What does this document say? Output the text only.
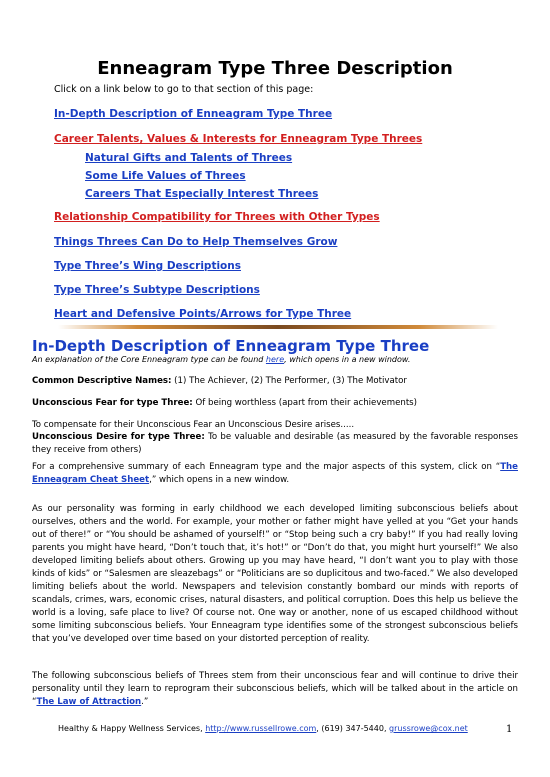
Enneagram Type Three Description
Click on a link below to go to that section of this page:
In-Depth Description of Enneagram Type Three
Career Talents, Values & Interests for Enneagram Type Threes
Natural Gifts and Talents of Threes
Some Life Values of Threes
Careers That Especially Interest Threes
Relationship Compatibility for Threes with Other Types
Things Threes Can Do to Help Themselves Grow
Type Three’s Wing Descriptions
Type Three’s Subtype Descriptions
Heart and Defensive Points/Arrows for Type Three
In-Depth Description of Enneagram Type Three
An explanation of the Core Enneagram type can be found here, which opens in a new window.
Common Descriptive Names: (1) The Achiever, (2) The Performer, (3) The Motivator
Unconscious Fear for type Three: Of being worthless (apart from their achievements)
To compensate for their Unconscious Fear an Unconscious Desire arises.....
Unconscious Desire for type Three: To be valuable and desirable (as measured by the favorable responses they receive from others)
For a comprehensive summary of each Enneagram type and the major aspects of this system, click on “The Enneagram Cheat Sheet,” which opens in a new window.
As our personality was forming in early childhood we each developed limiting subconscious beliefs about ourselves, others and the world. For example, your mother or father might have yelled at you “Get your hands out of there!” or “You should be ashamed of yourself!” or “Stop being such a cry baby!” If you had really loving parents you might have heard, “Don’t touch that, it’s hot!” or “Don’t do that, you might hurt yourself!” We also developed limiting beliefs about others. Growing up you may have heard, “I don’t want you to play with those kinds of kids” or “Salesmen are sleazebags” or “Politicians are so duplicitous and two-faced.” We also developed limiting beliefs about the world. Newspapers and television constantly bombard our minds with reports of scandals, crimes, wars, economic crises, natural disasters, and political corruption. Does this help us believe the world is a loving, safe place to live? Of course not. One way or another, none of us escaped childhood without some limiting subconscious beliefs. Your Enneagram type identifies some of the strongest subconscious beliefs that you’ve developed over time based on your distorted perception of reality.
The following subconscious beliefs of Threes stem from their unconscious fear and will continue to drive their personality until they learn to reprogram their subconscious beliefs, which will be talked about in the article on “The Law of Attraction.”
Healthy & Happy Wellness Services, http://www.russellrowe.com, (619) 347-5440, grussrowe@cox.net	1
